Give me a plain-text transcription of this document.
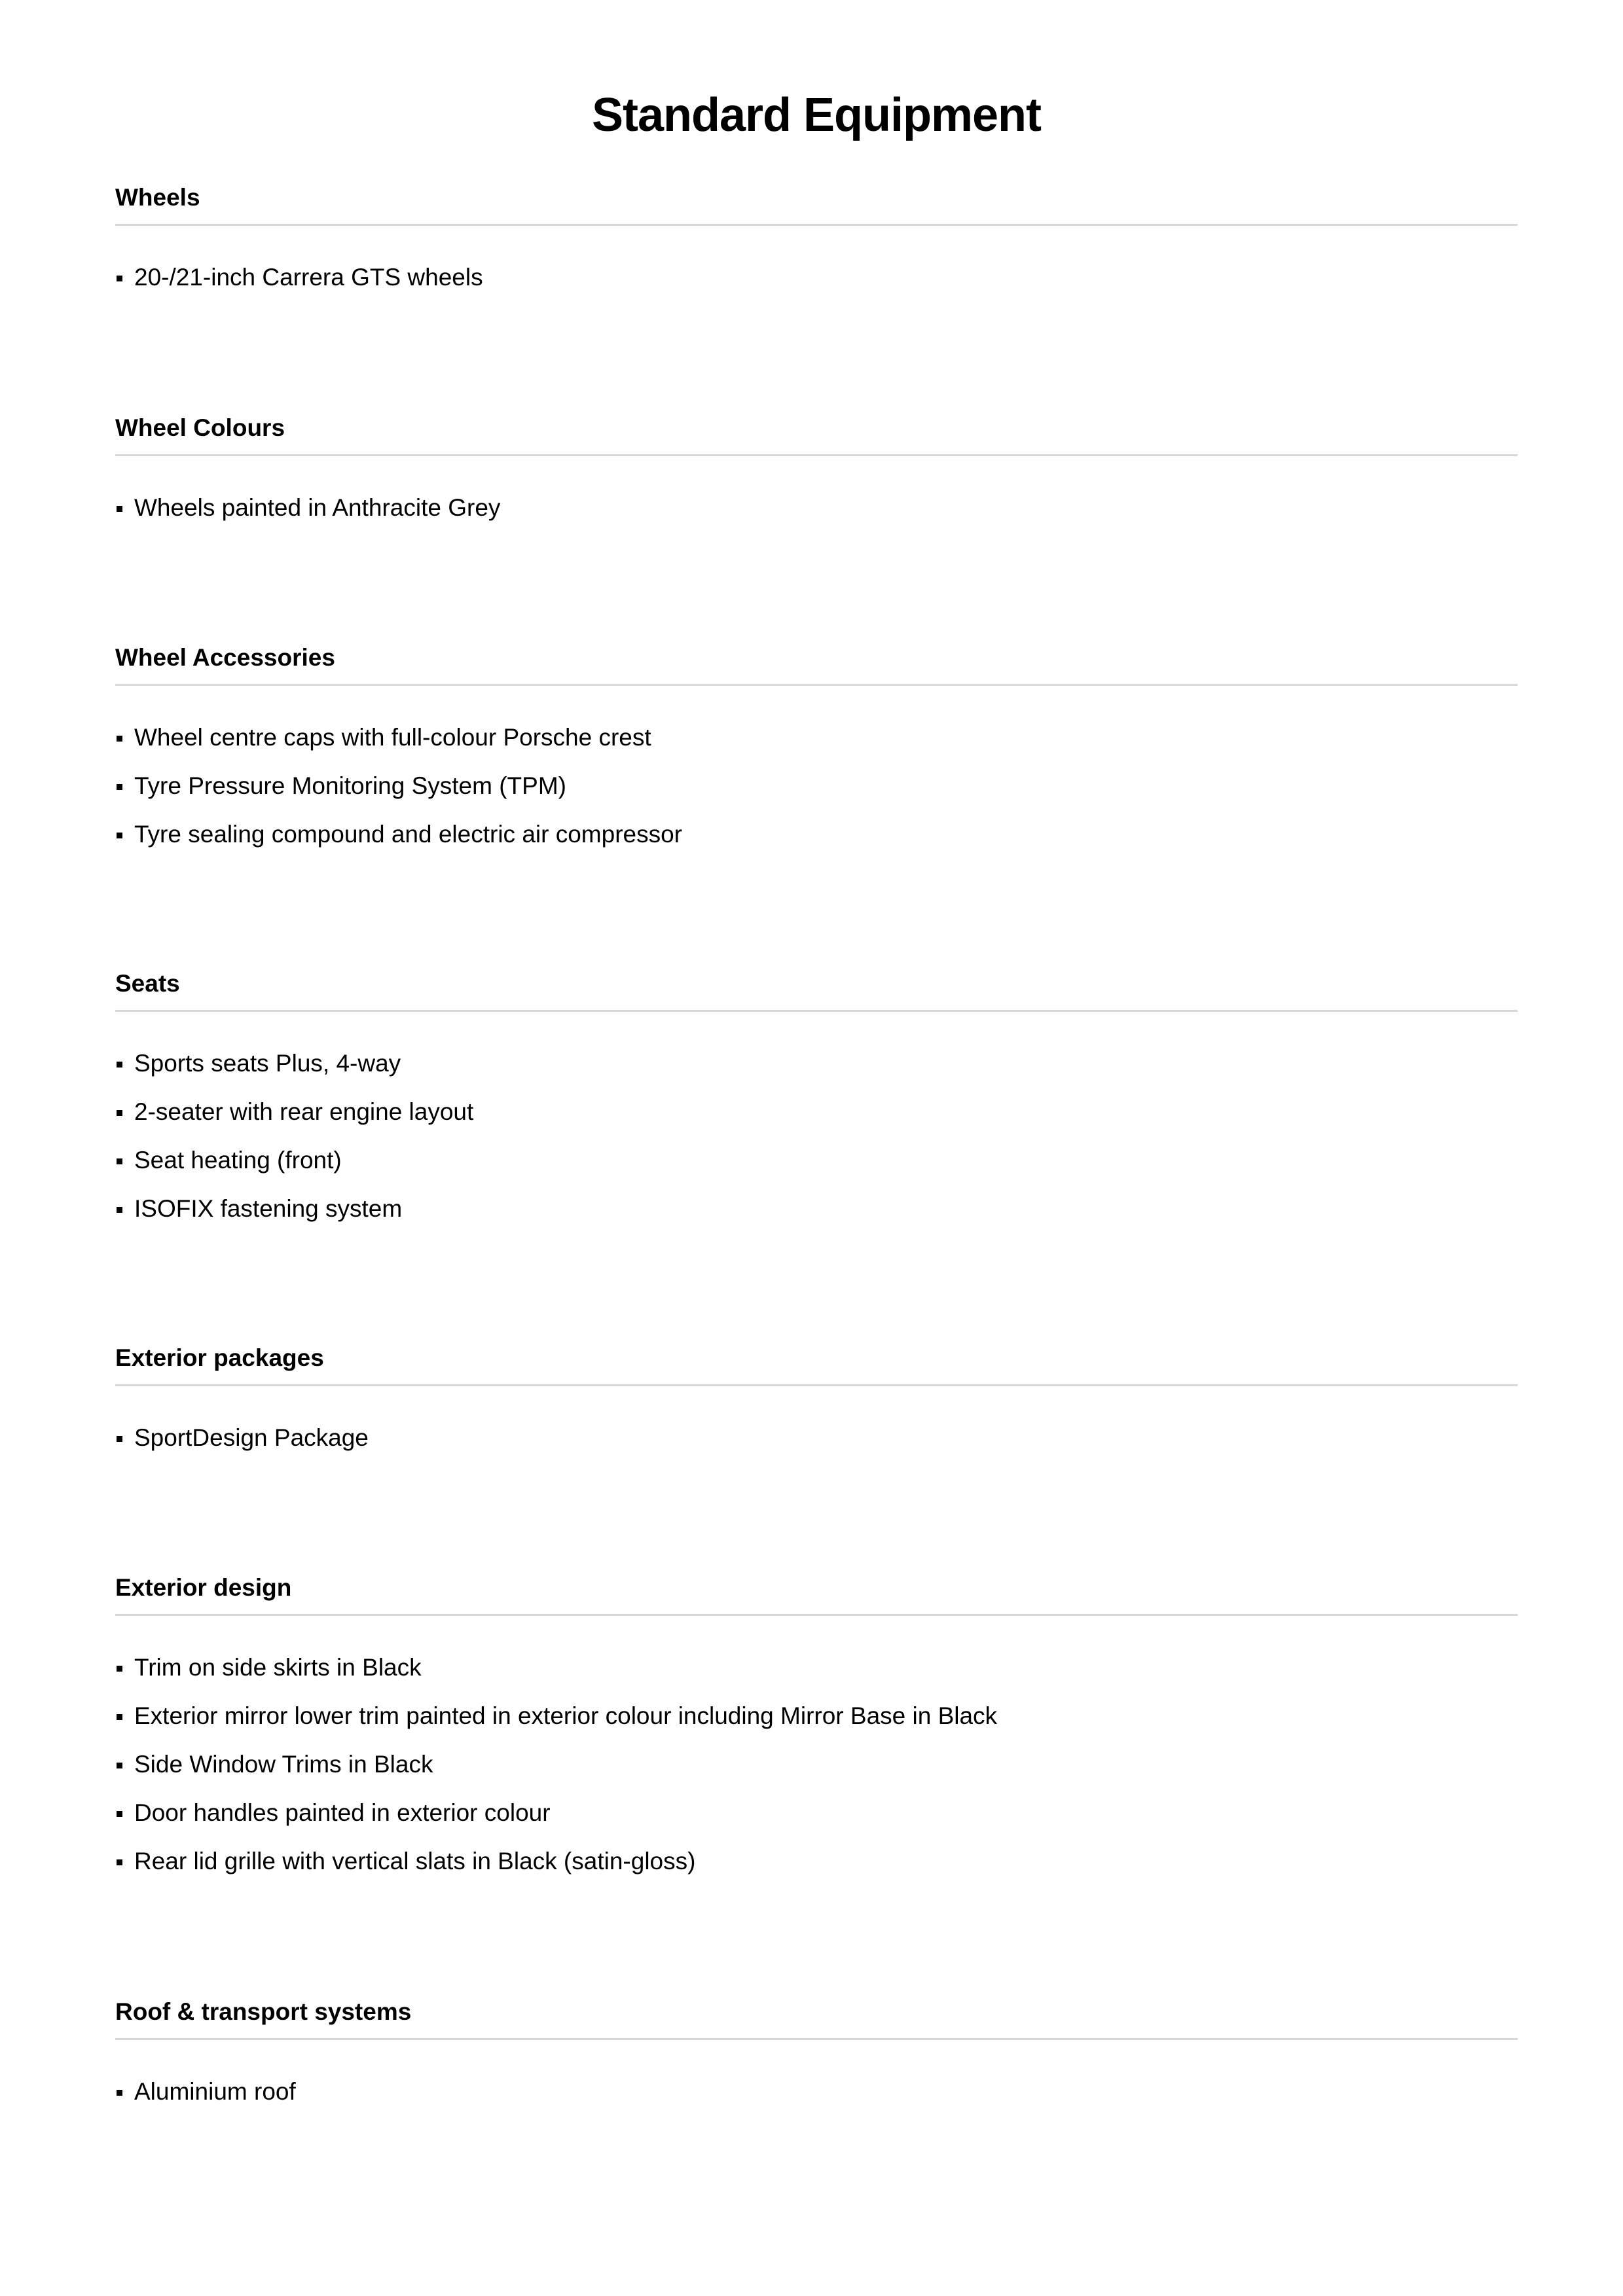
Standard Equipment
Wheels
20-/21-inch Carrera GTS wheels
Wheel Colours
Wheels painted in Anthracite Grey
Wheel Accessories
Wheel centre caps with full-colour Porsche crest
Tyre Pressure Monitoring System (TPM)
Tyre sealing compound and electric air compressor
Seats
Sports seats Plus, 4-way
2-seater with rear engine layout
Seat heating (front)
ISOFIX fastening system
Exterior packages
SportDesign Package
Exterior design
Trim on side skirts in Black
Exterior mirror lower trim painted in exterior colour including Mirror Base in Black
Side Window Trims in Black
Door handles painted in exterior colour
Rear lid grille with vertical slats in Black (satin-gloss)
Roof & transport systems
Aluminium roof
